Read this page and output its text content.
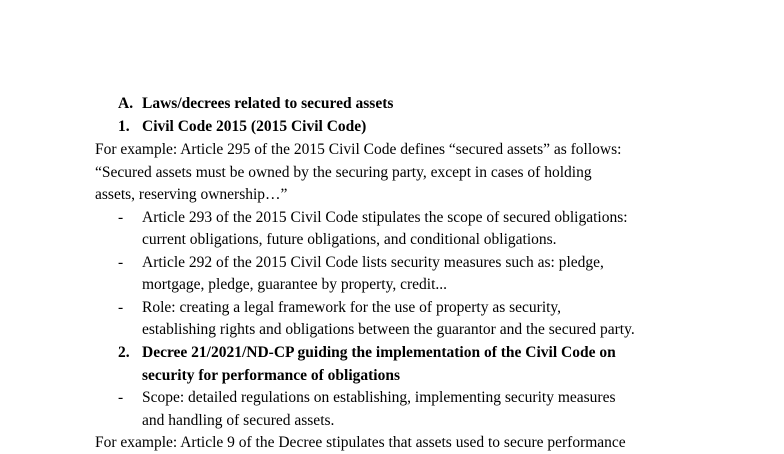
A. Laws/decrees related to secured assets
1. Civil Code 2015 (2015 Civil Code)
For example: Article 295 of the 2015 Civil Code defines “secured assets” as follows:
“Secured assets must be owned by the securing party, except in cases of holding
assets, reserving ownership…”
- Article 293 of the 2015 Civil Code stipulates the scope of secured obligations:
current obligations, future obligations, and conditional obligations.
- Article 292 of the 2015 Civil Code lists security measures such as: pledge,
mortgage, pledge, guarantee by property, credit...
- Role: creating a legal framework for the use of property as security,
establishing rights and obligations between the guarantor and the secured party.
2. Decree 21/2021/ND-CP guiding the implementation of the Civil Code on
security for performance of obligations
- Scope: detailed regulations on establishing, implementing security measures
and handling of secured assets.
For example: Article 9 of the Decree stipulates that assets used to secure performance
